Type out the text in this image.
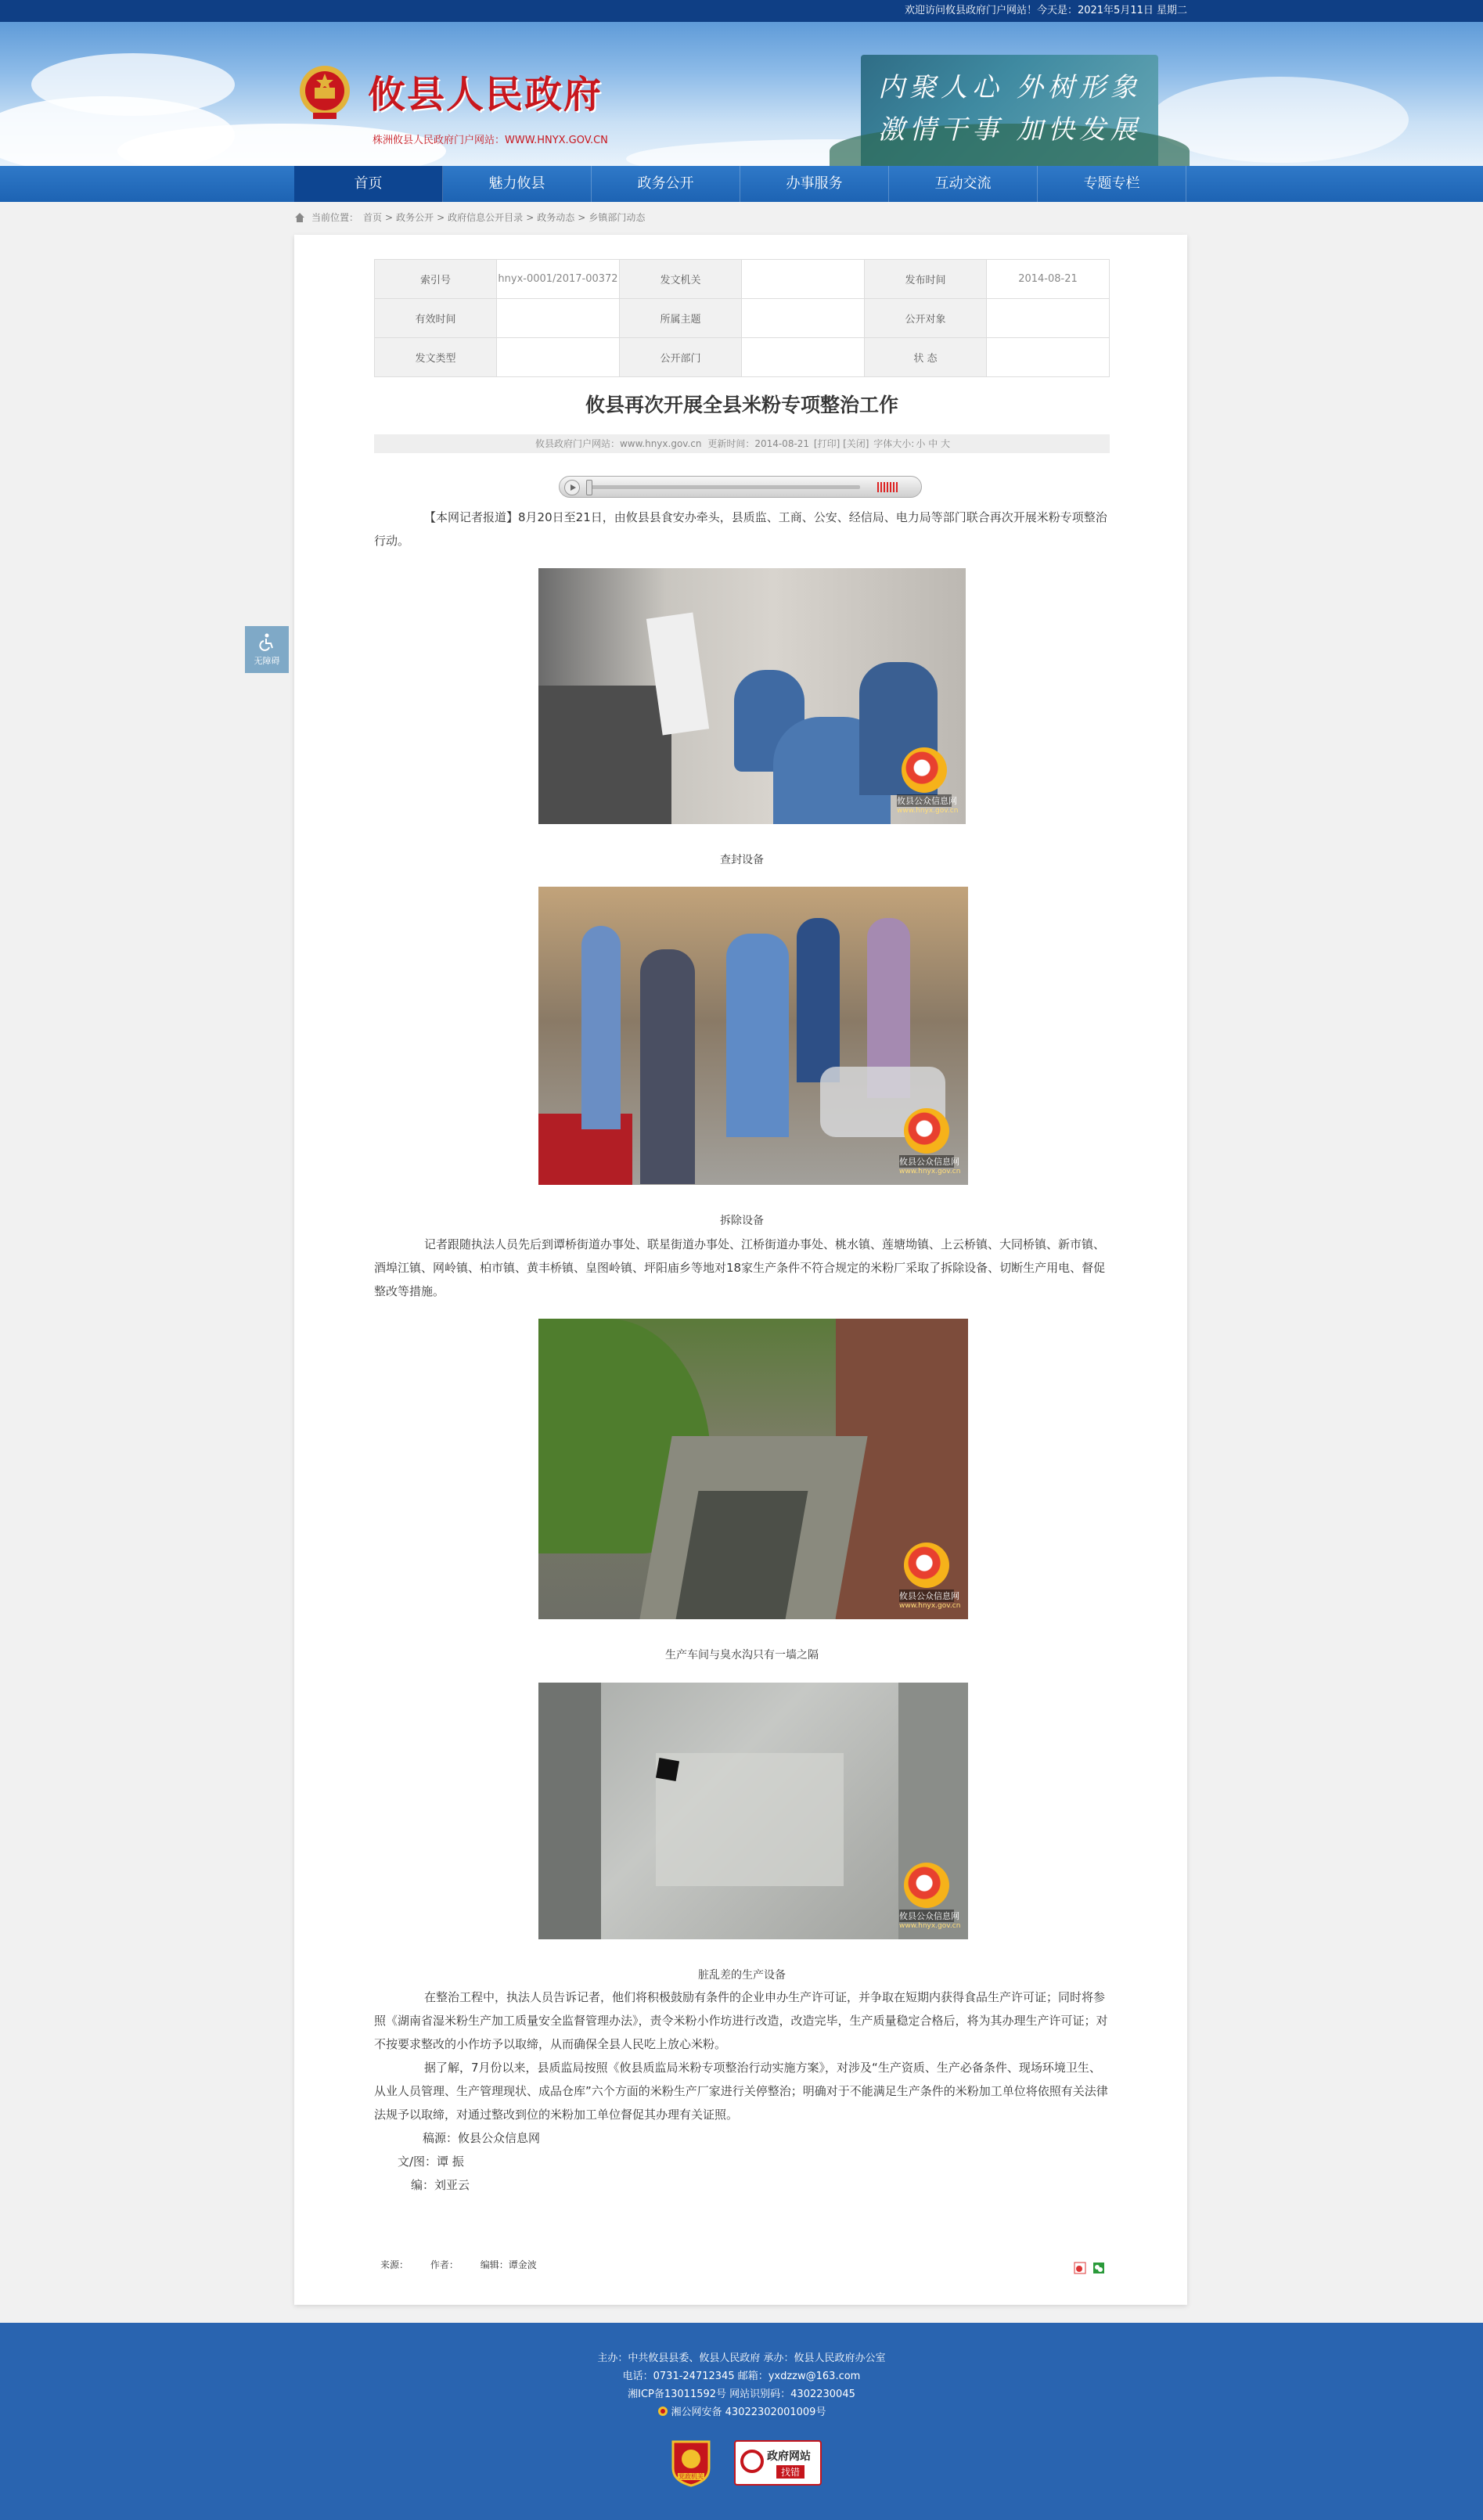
欢迎访问攸县政府门户网站！今天是：2021年5月11日 星期二
攸县人民政府
株洲攸县人民政府门户网站：WWW.HNYX.GOV.CN
内聚人心 外树形象
激情干事 加快发展
首页	魅力攸县	政务公开	办事服务	互动交流	专题专栏
当前位置： 首页 > 政务公开 > 政府信息公开目录 > 政务动态 > 乡镇部门动态
无障碍
索引号	hnyx-0001/2017-00372	发文机关		发布时间	2014-08-21
有效时间		所属主题		公开对象	
发文类型		公开部门		状 态	
攸县再次开展全县米粉专项整治工作
攸县政府门户网站：www.hnyx.gov.cn 更新时间：2014-08-21 [打印] [关闭] 字体大小: 小 中 大

【本网记者报道】8月20日至21日，由攸县县食安办牵头，县质监、工商、公安、经信局、电力局等部门联合再次开展米粉专项整治行动。

攸县公众信息网
www.hnyx.gov.cn
查封设备
攸县公众信息网
www.hnyx.gov.cn
拆除设备

记者跟随执法人员先后到谭桥街道办事处、联星街道办事处、江桥街道办事处、桃水镇、莲塘坳镇、上云桥镇、大同桥镇、新市镇、酒埠江镇、网岭镇、柏市镇、黄丰桥镇、皇图岭镇、坪阳庙乡等地对18家生产条件不符合规定的米粉厂采取了拆除设备、切断生产用电、督促整改等措施。

攸县公众信息网
www.hnyx.gov.cn
生产车间与臭水沟只有一墙之隔
攸县公众信息网
www.hnyx.gov.cn
脏乱差的生产设备

在整治工程中，执法人员告诉记者，他们将积极鼓励有条件的企业申办生产许可证，并争取在短期内获得食品生产许可证；同时将参照《湖南省湿米粉生产加工质量安全监督管理办法》，责令米粉小作坊进行改造，改造完毕，生产质量稳定合格后，将为其办理生产许可证；对不按要求整改的小作坊予以取缔，从而确保全县人民吃上放心米粉。

据了解，7月份以来，县质监局按照《攸县质监局米粉专项整治行动实施方案》，对涉及“生产资质、生产必备条件、现场环境卫生、从业人员管理、生产管理现状、成品仓库”六个方面的米粉生产厂家进行关停整治；明确对于不能满足生产条件的米粉加工单位将依照有关法律法规予以取缔，对通过整改到位的米粉加工单位督促其办理有关证照。

稿源：攸县公众信息网
文/图：谭 振
编：刘亚云
来源： 作者： 编辑：谭金波
主办：中共攸县县委、攸县人民政府 承办：攸县人民政府办公室
电话：0731-24712345 邮箱：yxdzzw@163.com
湘ICP备13011592号 网站识别码：4302230045
湘公网安备 43022302001009号
党政机关
政府网站
找错
